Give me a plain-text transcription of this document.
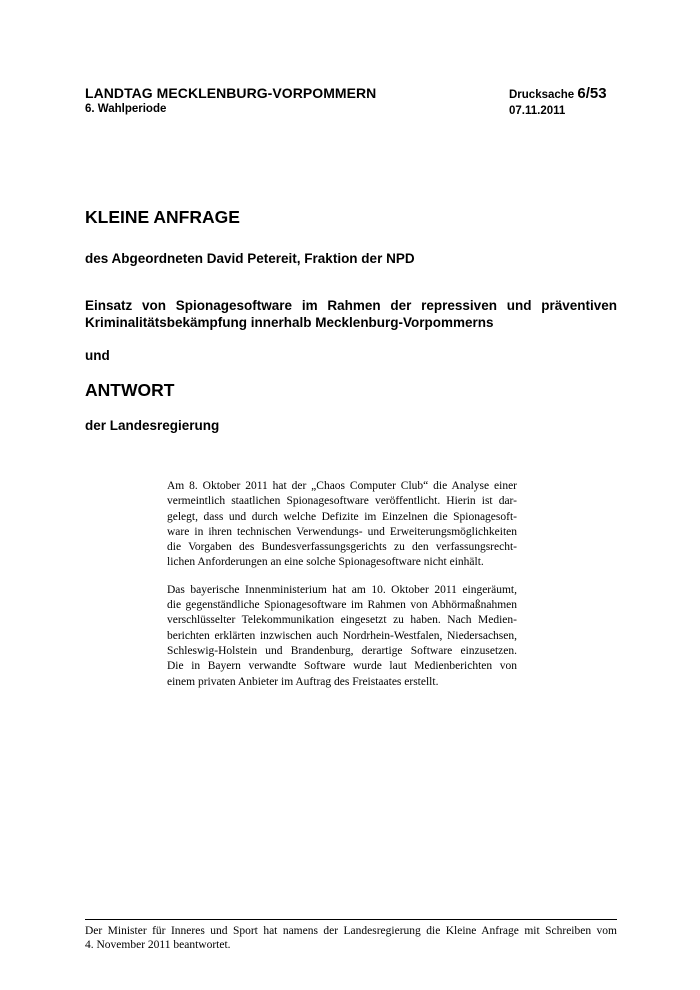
LANDTAG MECKLENBURG-VORPOMMERN
6. Wahlperiode
Drucksache 6/53
07.11.2011
KLEINE ANFRAGE

des Abgeordneten David Petereit, Fraktion der NPD

Einsatz von Spionagesoftware im Rahmen der repressiven und präventiven
Kriminalitätsbekämpfung innerhalb Mecklenburg-Vorpommerns

und

ANTWORT

der Landesregierung

Am 8. Oktober 2011 hat der „Chaos Computer Club“ die Analyse einer
vermeintlich staatlichen Spionagesoftware veröffentlicht. Hierin ist dar-
gelegt, dass und durch welche Defizite im Einzelnen die Spionagesoft-
ware in ihren technischen Verwendungs- und Erweiterungsmöglichkeiten
die Vorgaben des Bundesverfassungsgerichts zu den verfassungsrecht-
lichen Anforderungen an eine solche Spionagesoftware nicht einhält.

Das bayerische Innenministerium hat am 10. Oktober 2011 eingeräumt,
die gegenständliche Spionagesoftware im Rahmen von Abhörmaßnahmen
verschlüsselter Telekommunikation eingesetzt zu haben. Nach Medien-
berichten erklärten inzwischen auch Nordrhein-Westfalen, Niedersachsen,
Schleswig-Holstein und Brandenburg, derartige Software einzusetzen.
Die in Bayern verwandte Software wurde laut Medienberichten von
einem privaten Anbieter im Auftrag des Freistaates erstellt.

Der Minister für Inneres und Sport hat namens der Landesregierung die Kleine Anfrage mit Schreiben vom
4. November 2011 beantwortet.
